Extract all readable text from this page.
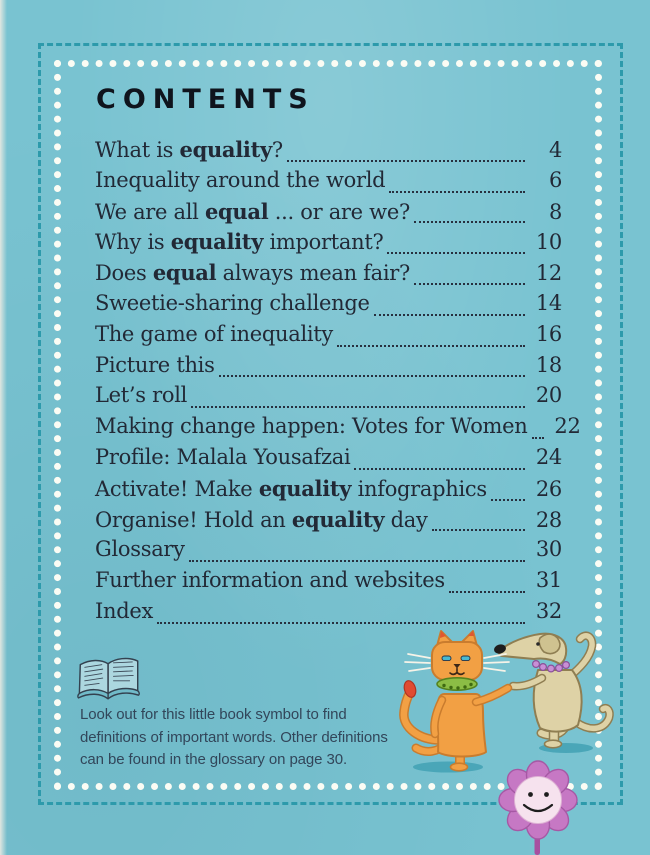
CONTENTS
What is equality?	4
Inequality around the world	6
We are all equal ... or are we?	8
Why is equality important?	10
Does equal always mean fair?	12
Sweetie-sharing challenge	14
The game of inequality	16
Picture this	18
Let’s roll	20
Making change happen: Votes for Women	22
Profile: Malala Yousafzai	24
Activate! Make equality infographics	26
Organise! Hold an equality day	28
Glossary	30
Further information and websites	31
Index	32
Look out for this little book symbol to find
definitions of important words. Other definitions
can be found in the glossary on page 30.
